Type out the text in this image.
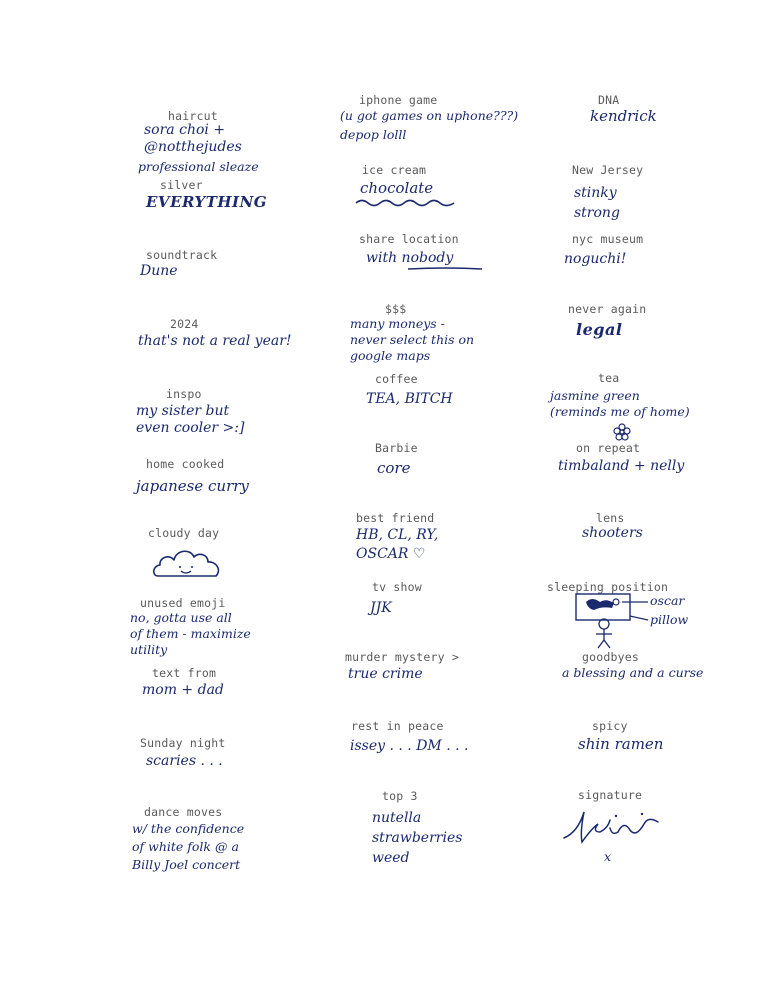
haircut
sora choi +
@notthejudes
professional sleaze
silver
EVERYTHING
soundtrack
Dune
2024
that's not a real year!
inspo
my sister but
even cooler >:]
home cooked
japanese curry
cloudy day
unused emoji
no, gotta use all
of them - maximize
utility
text from
mom + dad
Sunday night
scaries . . .
dance moves
w/ the confidence
of white folk @ a
Billy Joel concert
iphone game
(u got games on uphone???)
depop lolll
ice cream
chocolate
share location
with nobody
$$$
many moneys -
never select this on
google maps
coffee
TEA, BITCH
Barbie
core
best friend
HB, CL, RY,
OSCAR ♡
tv show
JJK
murder mystery >
true crime
rest in peace
issey . . . DM . . .
top 3
nutella
strawberries
weed
DNA
kendrick
New Jersey
stinky
strong
nyc museum
noguchi!
never again
legal
tea
jasmine green
(reminds me of home)
on repeat
timbaland + nelly
lens
shooters
sleeping position
oscar
pillow
goodbyes
a blessing and a curse
spicy
shin ramen
signature
x
